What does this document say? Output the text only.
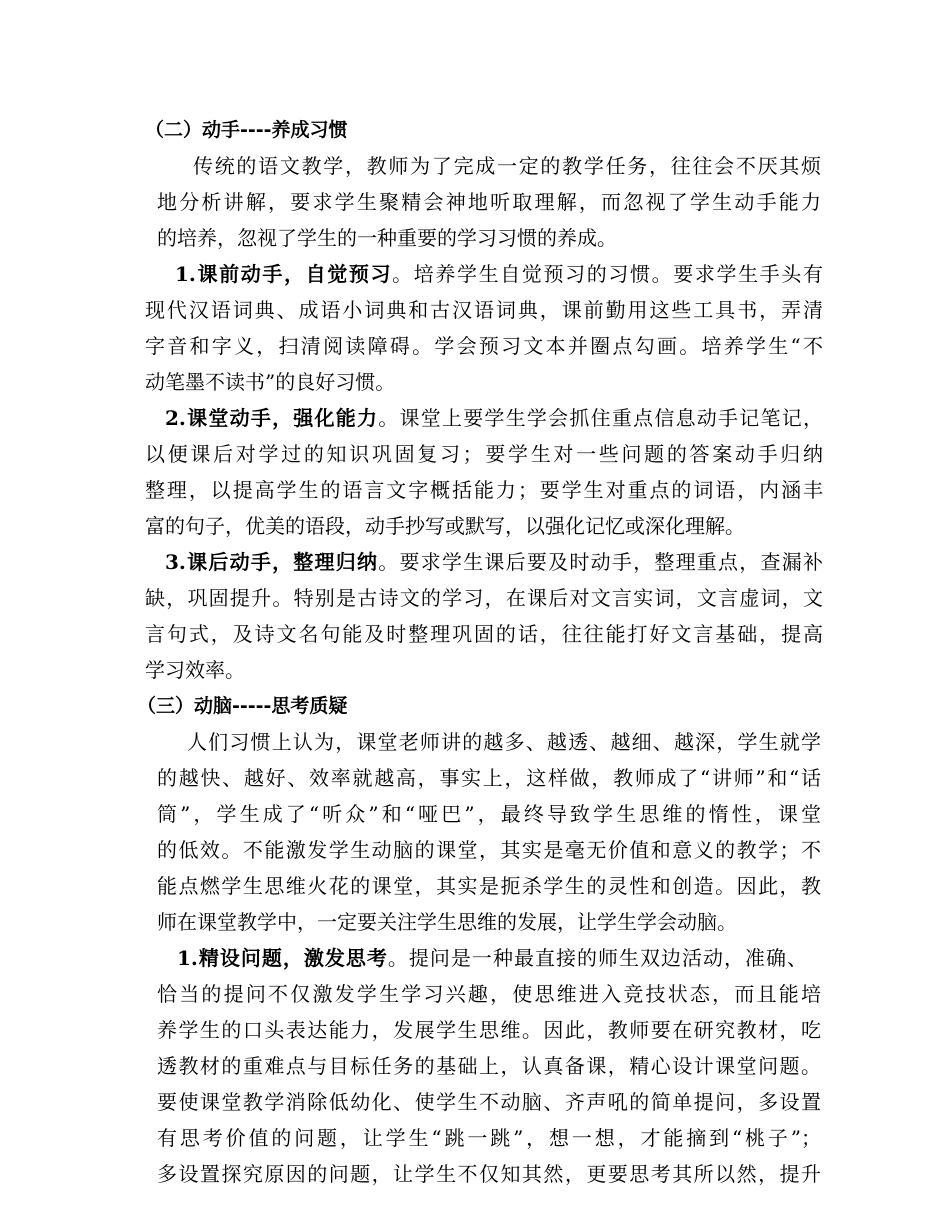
（二）动手----养成习惯

传统的语文教学，教师为了完成一定的教学任务，往往会不厌其烦

地分析讲解，要求学生聚精会神地听取理解，而忽视了学生动手能力

的培养，忽视了学生的一种重要的学习习惯的养成。

1.课前动手，自觉预习。培养学生自觉预习的习惯。要求学生手头有

现代汉语词典、成语小词典和古汉语词典，课前勤用这些工具书，弄清

字音和字义，扫清阅读障碍。学会预习文本并圈点勾画。培养学生“不

动笔墨不读书”的良好习惯。

2.课堂动手，强化能力。课堂上要学生学会抓住重点信息动手记笔记，

以便课后对学过的知识巩固复习；要学生对一些问题的答案动手归纳

整理，以提高学生的语言文字概括能力；要学生对重点的词语，内涵丰

富的句子，优美的语段，动手抄写或默写，以强化记忆或深化理解。

3.课后动手，整理归纳。要求学生课后要及时动手，整理重点，查漏补

缺，巩固提升。特别是古诗文的学习，在课后对文言实词，文言虚词，文

言句式，及诗文名句能及时整理巩固的话，往往能打好文言基础，提高

学习效率。

（三）动脑-----思考质疑

人们习惯上认为，课堂老师讲的越多、越透、越细、越深，学生就学

的越快、越好、效率就越高，事实上，这样做，教师成了“讲师”和“话

筒”，学生成了“听众”和“哑巴”，最终导致学生思维的惰性，课堂

的低效。不能激发学生动脑的课堂，其实是毫无价值和意义的教学；不

能点燃学生思维火花的课堂，其实是扼杀学生的灵性和创造。因此，教

师在课堂教学中，一定要关注学生思维的发展，让学生学会动脑。

1.精设问题，激发思考。提问是一种最直接的师生双边活动，准确、

恰当的提问不仅激发学生学习兴趣，使思维进入竞技状态，而且能培

养学生的口头表达能力，发展学生思维。因此，教师要在研究教材，吃

透教材的重难点与目标任务的基础上，认真备课，精心设计课堂问题。

要使课堂教学消除低幼化、使学生不动脑、齐声吼的简单提问，多设置

有思考价值的问题，让学生“跳一跳”，想一想，才能摘到“桃子”；

多设置探究原因的问题，让学生不仅知其然，更要思考其所以然，提升
